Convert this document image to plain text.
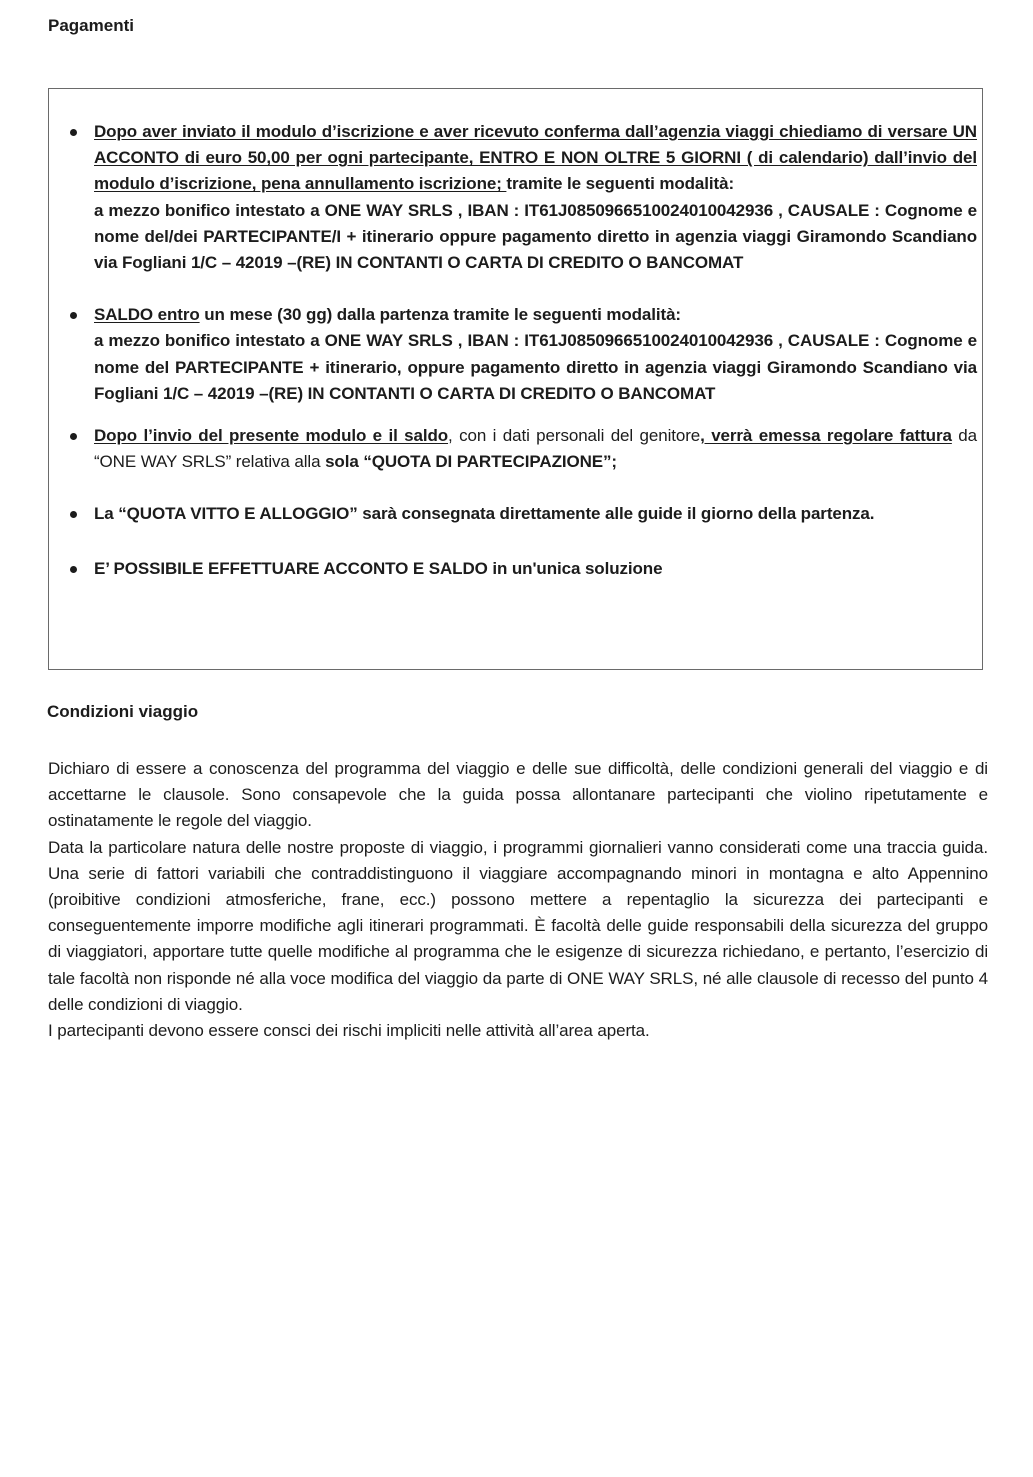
Pagamenti
Dopo aver inviato il modulo d’iscrizione e aver ricevuto conferma dall’agenzia viaggi chiediamo di versare UN ACCONTO di euro 50,00 per ogni partecipante, ENTRO E NON OLTRE 5 GIORNI ( di calendario) dall’invio del modulo d’iscrizione, pena annullamento iscrizione; tramite le seguenti modalità:
a mezzo bonifico intestato a ONE WAY SRLS , IBAN : IT61J0850966510024010042936 , CAUSALE : Cognome e nome del/dei PARTECIPANTE/I + itinerario oppure pagamento diretto in agenzia viaggi Giramondo Scandiano via Fogliani 1/C – 42019 –(RE) IN CONTANTI O CARTA DI CREDITO O BANCOMAT
SALDO entro un mese (30 gg) dalla partenza tramite le seguenti modalità:
a mezzo bonifico intestato a ONE WAY SRLS , IBAN : IT61J0850966510024010042936 , CAUSALE : Cognome e nome del PARTECIPANTE + itinerario, oppure pagamento diretto in agenzia viaggi Giramondo Scandiano via Fogliani 1/C – 42019 –(RE) IN CONTANTI O CARTA DI CREDITO O BANCOMAT
Dopo l’invio del presente modulo e il saldo, con i dati personali del genitore, verrà emessa regolare fattura da “ONE WAY SRLS” relativa alla sola “QUOTA DI PARTECIPAZIONE”;
La “QUOTA VITTO E ALLOGGIO” sarà consegnata direttamente alle guide il giorno della partenza.
E’ POSSIBILE EFFETTUARE ACCONTO E SALDO in un'unica soluzione
Condizioni viaggio

Dichiaro di essere a conoscenza del programma del viaggio e delle sue difficoltà, delle condizioni generali del viaggio e di accettarne le clausole. Sono consapevole che la guida possa allontanare partecipanti che violino ripetutamente e ostinatamente le regole del viaggio.

Data la particolare natura delle nostre proposte di viaggio, i programmi giornalieri vanno considerati come una traccia guida. Una serie di fattori variabili che contraddistinguono il viaggiare accompagnando minori in montagna e alto Appennino (proibitive condizioni atmosferiche, frane, ecc.) possono mettere a repentaglio la sicurezza dei partecipanti e conseguentemente imporre modifiche agli itinerari programmati. È facoltà delle guide responsabili della sicurezza del gruppo di viaggiatori, apportare tutte quelle modifiche al programma che le esigenze di sicurezza richiedano, e pertanto, l’esercizio di tale facoltà non risponde né alla voce modifica del viaggio da parte di ONE WAY SRLS, né alle clausole di recesso del punto 4 delle condizioni di viaggio.

I partecipanti devono essere consci dei rischi impliciti nelle attività all’area aperta.
